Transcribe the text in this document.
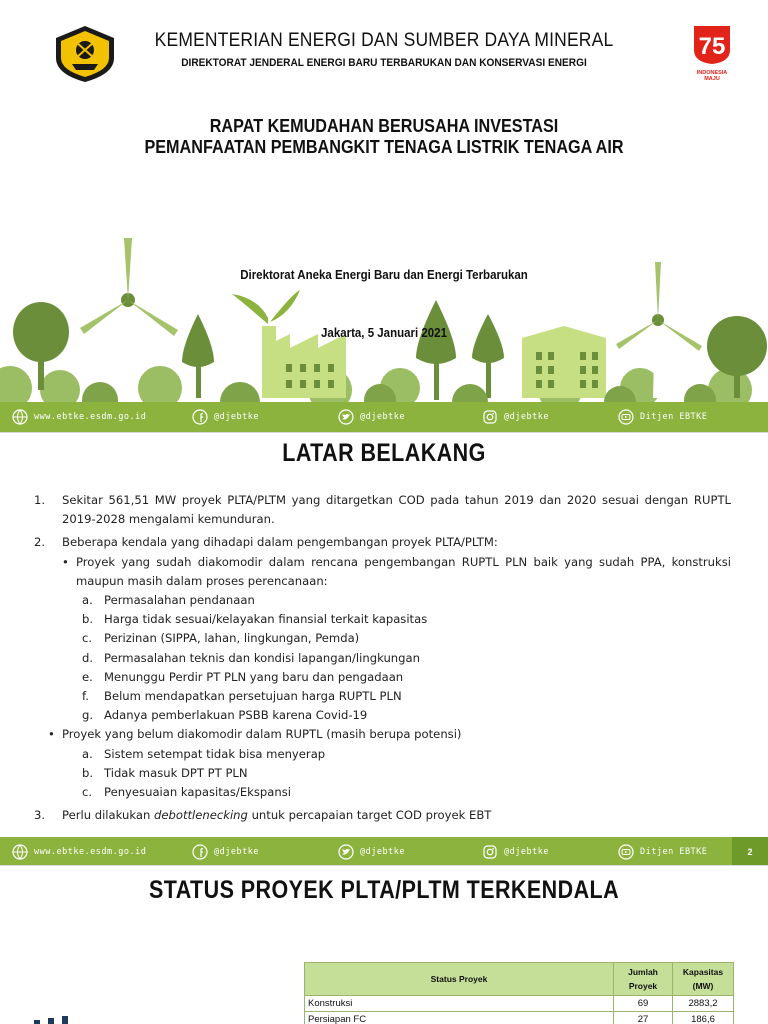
KEMENTERIAN ENERGI DAN SUMBER DAYA MINERAL
DIREKTORAT JENDERAL ENERGI BARU TERBARUKAN DAN KONSERVASI ENERGI
75
INDONESIA
MAJU
RAPAT KEMUDAHAN BERUSAHA INVESTASI
PEMANFAATAN PEMBANGKIT TENAGA LISTRIK TENAGA AIR
Direktorat Aneka Energi Baru dan Energi Terbarukan
Jakarta, 5 Januari 2021
www.ebtke.esdm.go.id	@djebtke	@djebtke	@djebtke	Ditjen EBTKE
LATAR BELAKANG
1. Sekitar 561,51 MW proyek PLTA/PLTM yang ditargetkan COD pada tahun 2019 dan 2020 sesuai dengan RUPTL 2019-2028 mengalami kemunduran.
2. Beberapa kendala yang dihadapi dalam pengembangan proyek PLTA/PLTM:
• Proyek yang sudah diakomodir dalam rencana pengembangan RUPTL PLN baik yang sudah PPA, konstruksi maupun masih dalam proses perencanaan:
a. Permasalahan pendanaan
b. Harga tidak sesuai/kelayakan finansial terkait kapasitas
c. Perizinan (SIPPA, lahan, lingkungan, Pemda)
d. Permasalahan teknis dan kondisi lapangan/lingkungan
e. Menunggu Perdir PT PLN yang baru dan pengadaan
f. Belum mendapatkan persetujuan harga RUPTL PLN
g. Adanya pemberlakuan PSBB karena Covid-19
• Proyek yang belum diakomodir dalam RUPTL (masih berupa potensi)
a. Sistem setempat tidak bisa menyerap
b. Tidak masuk DPT PT PLN
c. Penyesuaian kapasitas/Ekspansi
3. Perlu dilakukan debottlenecking untuk percapaian target COD proyek EBT
www.ebtke.esdm.go.id	@djebtke	@djebtke	@djebtke	Ditjen EBTKE	2
STATUS PROYEK PLTA/PLTM TERKENDALA
Status Proyek	Jumlah Proyek	Kapasitas (MW)
Konstruksi	69	2883,2
Persiapan FC	27	186,6
